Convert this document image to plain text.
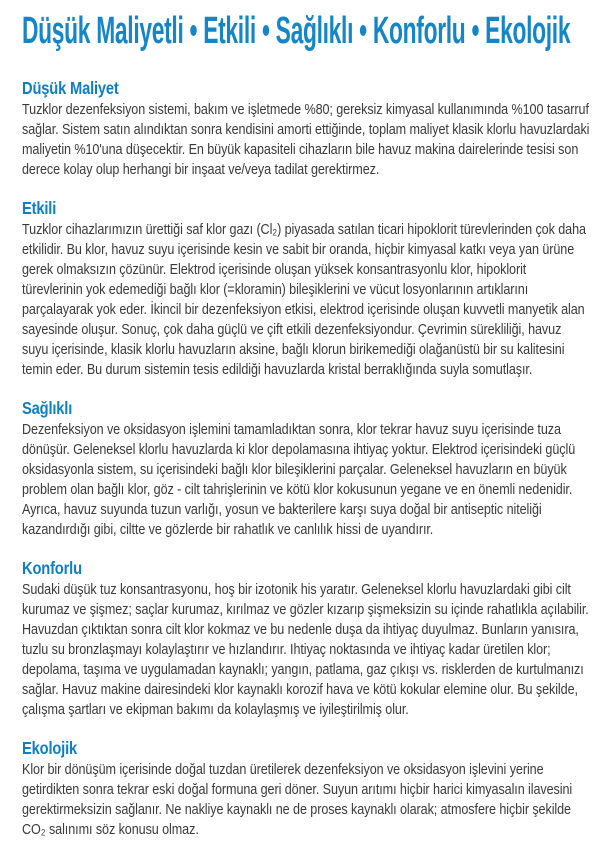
Düşük Maliyetli • Etkili • Sağlıklı • Konforlu • Ekolojik
Düşük Maliyet

Tuzklor dezenfeksiyon sistemi, bakım ve işletmede %80; gereksiz kimyasal kullanımında %100 tasarruf sağlar. Sistem satın alındıktan sonra kendisini amorti ettiğinde, toplam maliyet klasik klorlu havuzlardaki maliyetin %10'una düşecektir. En büyük kapasiteli cihazların bile havuz makina dairelerinde tesisi son derece kolay olup herhangi bir inşaat ve/veya tadilat gerektirmez.

Etkili

Tuzklor cihazlarımızın ürettiği saf klor gazı (Cl₂) piyasada satılan ticari hipoklorit türevlerinden çok daha etkilidir. Bu klor, havuz suyu içerisinde kesin ve sabit bir oranda, hiçbir kimyasal katkı veya yan ürüne gerek olmaksızın çözünür. Elektrod içerisinde oluşan yüksek konsantrasyonlu klor, hipoklorit türevlerinin yok edemediği bağlı klor (=kloramin) bileşiklerini ve vücut losyonlarının artıklarını parçalayarak yok eder. İkincil bir dezenfeksiyon etkisi, elektrod içerisinde oluşan kuvvetli manyetik alan sayesinde oluşur. Sonuç, çok daha güçlü ve çift etkili dezenfeksiyondur. Çevrimin sürekliliği, havuz suyu içerisinde, klasik klorlu havuzların aksine, bağlı klorun birikemediği olağanüstü bir su kalitesini temin eder. Bu durum sistemin tesis edildiği havuzlarda kristal berraklığında suyla somutlaşır.

Sağlıklı

Dezenfeksiyon ve oksidasyon işlemini tamamladıktan sonra, klor tekrar havuz suyu içerisinde tuza dönüşür. Geleneksel klorlu havuzlarda ki klor depolamasına ihtiyaç yoktur. Elektrod içerisindeki güçlü oksidasyonla sistem, su içerisindeki bağlı klor bileşiklerini parçalar. Geleneksel havuzların en büyük problem olan bağlı klor, göz - cilt tahrişlerinin ve kötü klor kokusunun yegane ve en önemli nedenidir. Ayrıca, havuz suyunda tuzun varlığı, yosun ve bakterilere karşı suya doğal bir antiseptic niteliği kazandırdığı gibi, ciltte ve gözlerde bir rahatlık ve canlılık hissi de uyandırır.

Konforlu

Sudaki düşük tuz konsantrasyonu, hoş bir izotonik his yaratır. Geleneksel klorlu havuzlardaki gibi cilt kurumaz ve şişmez; saçlar kurumaz, kırılmaz ve gözler kızarıp şişmeksizin su içinde rahatlıkla açılabilir. Havuzdan çıktıktan sonra cilt klor kokmaz ve bu nedenle duşa da ihtiyaç duyulmaz. Bunların yanısıra, tuzlu su bronzlaşmayı kolaylaştırır ve hızlandırır. Ihtiyaç noktasında ve ihtiyaç kadar üretilen klor; depolama, taşıma ve uygulamadan kaynaklı; yangın, patlama, gaz çıkışı vs. risklerden de kurtulmanızı sağlar. Havuz makine dairesindeki klor kaynaklı korozif hava ve kötü kokular elemine olur. Bu şekilde, çalışma şartları ve ekipman bakımı da kolaylaşmış ve iyileştirilmiş olur.

Ekolojik

Klor bir dönüşüm içerisinde doğal tuzdan üretilerek dezenfeksiyon ve oksidasyon işlevini yerine getirdikten sonra tekrar eski doğal formuna geri döner. Suyun arıtımı hiçbir harici kimyasalın ilavesini gerektirmeksizin sağlanır. Ne nakliye kaynaklı ne de proses kaynaklı olarak; atmosfere hiçbir şekilde CO₂ salınımı söz konusu olmaz.
